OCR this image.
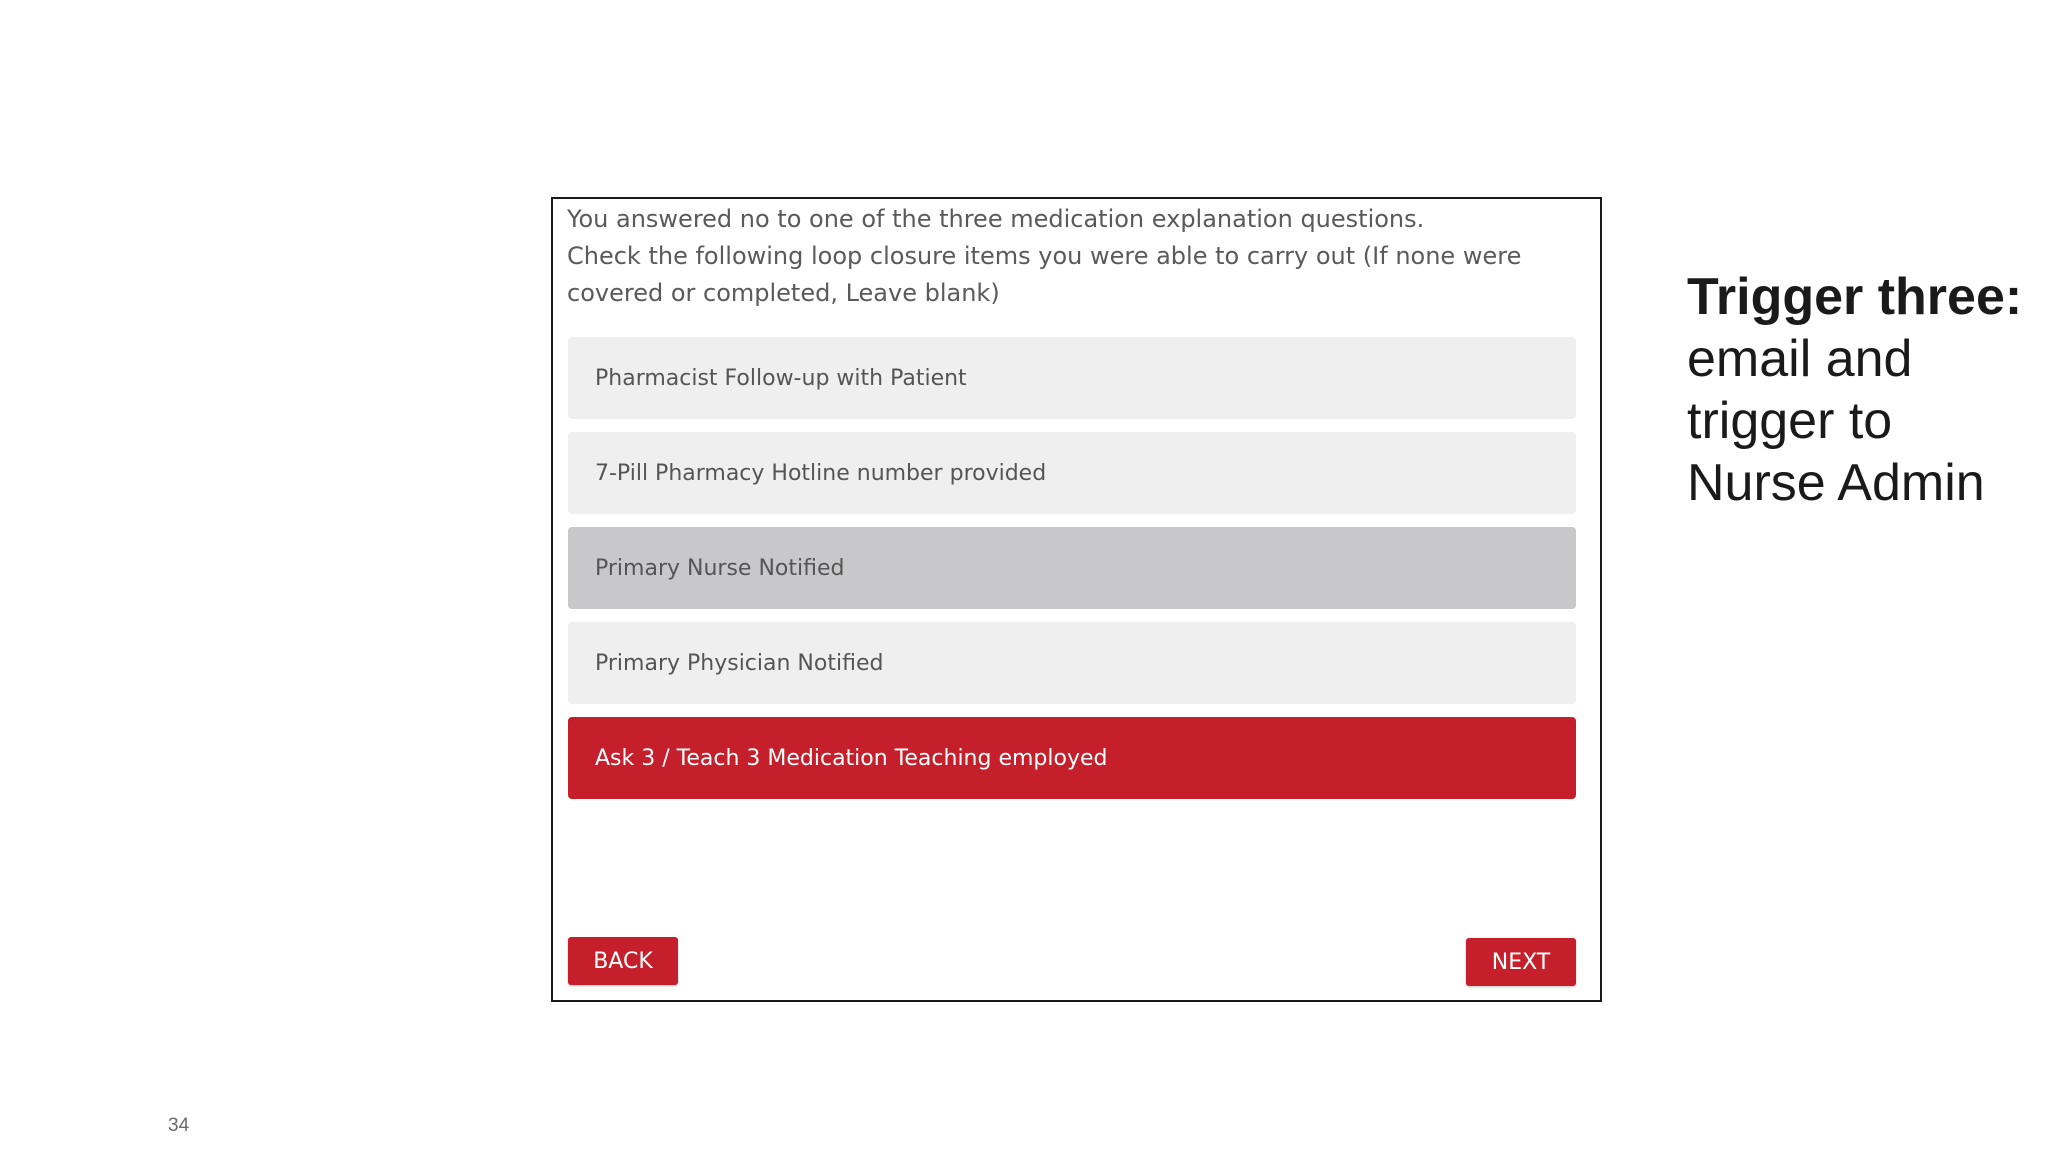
You answered no to one of the three medication explanation questions.

Check the following loop closure items you were able to carry out (If none were covered or completed, Leave blank)

Pharmacist Follow-up with Patient
7-Pill Pharmacy Hotline number provided
Primary Nurse Notified
Primary Physician Notified
Ask 3 / Teach 3 Medication Teaching employed
BACK	NEXT
Trigger three:
email and trigger to Nurse Admin
34
